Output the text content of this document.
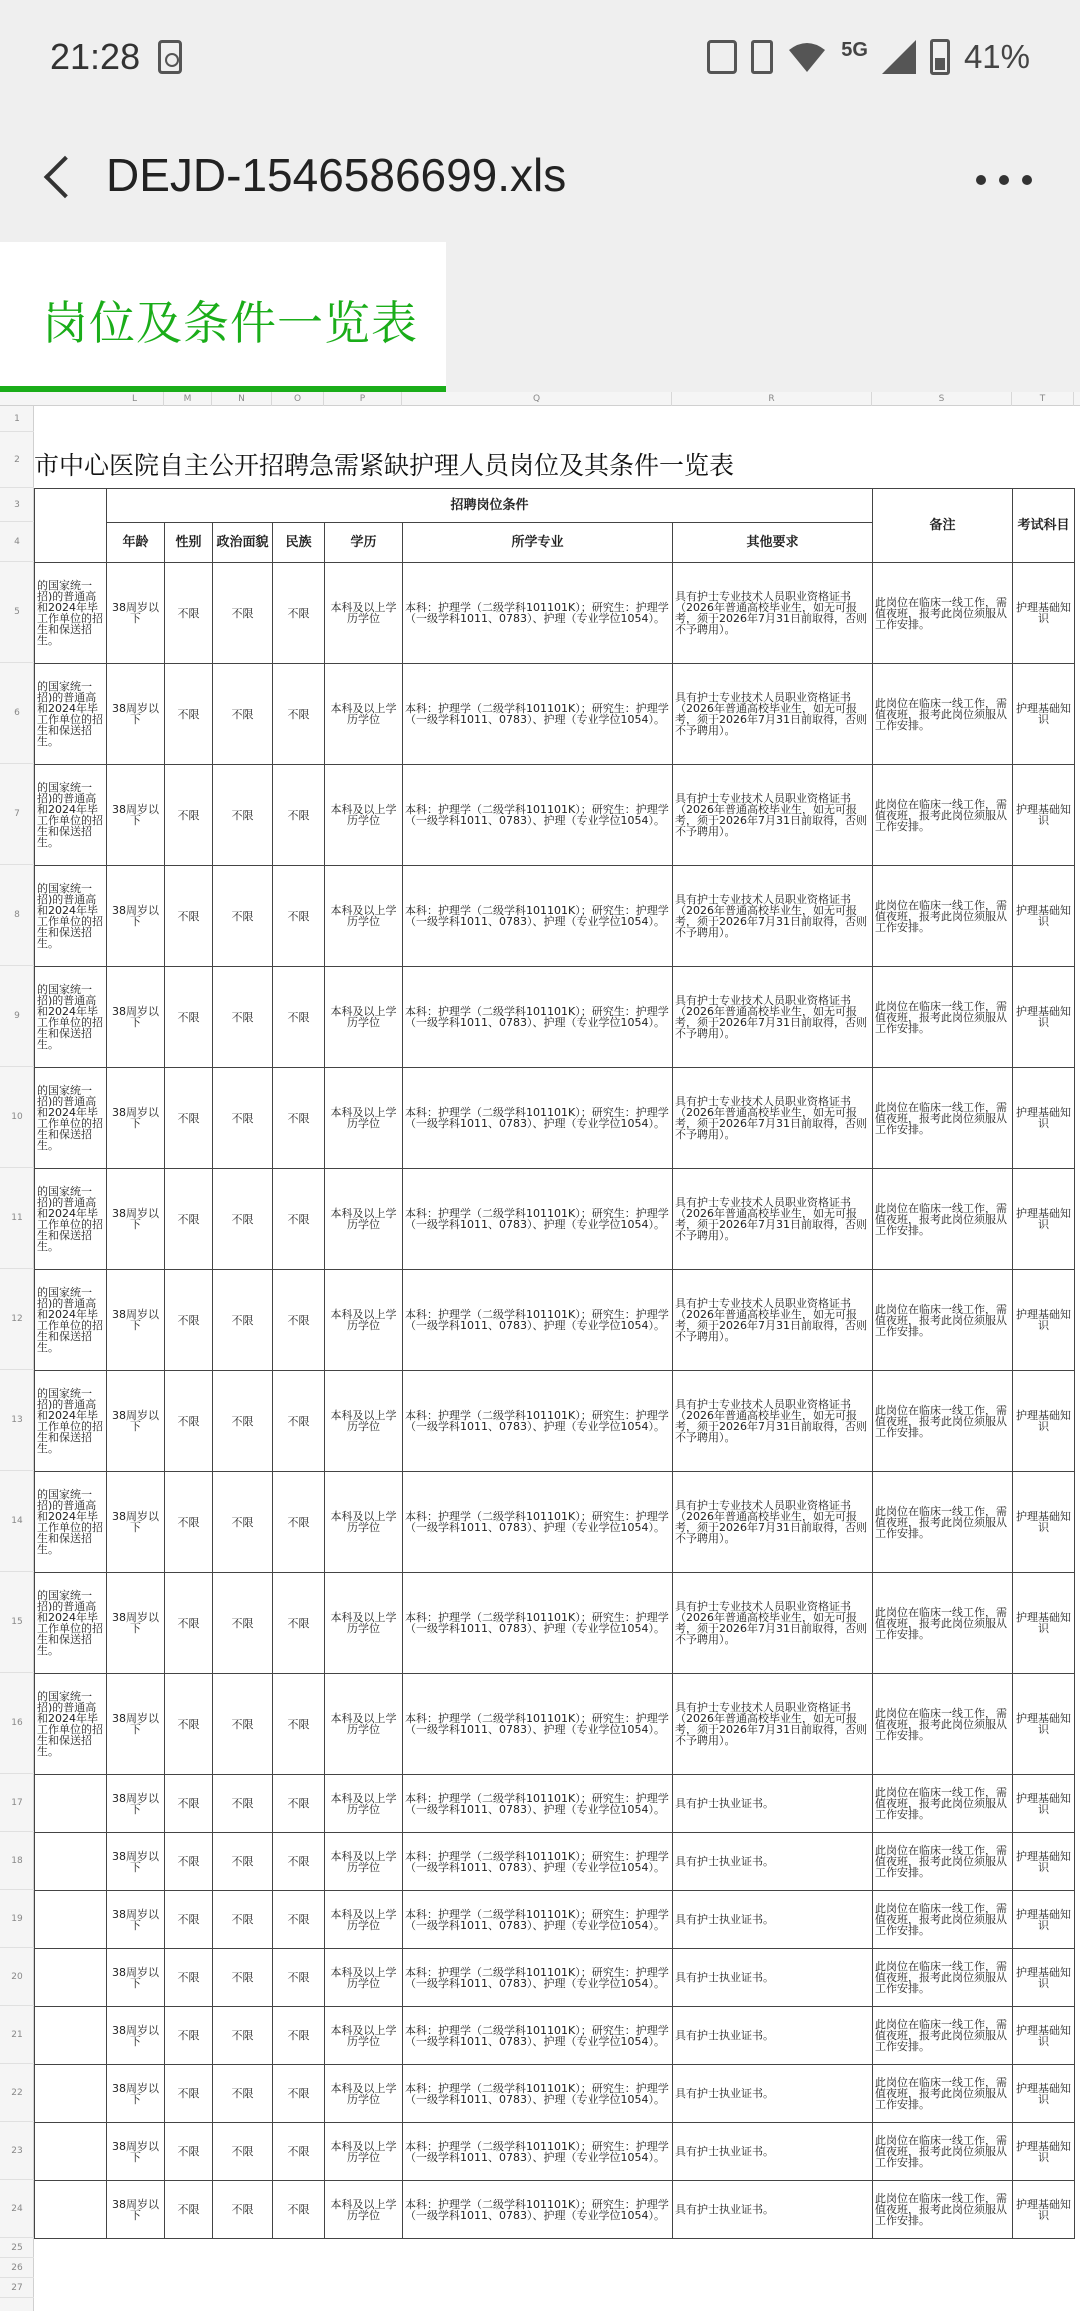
21:28	5G	41%
DEJD-1546586699.xls
岗位及条件一览表
L	M	N	O	P	Q	R	S	T
1
2
3
4
5
6
7
8
9
10
11
12
13
14
15
16
17
18
19
20
21
22
23
24
25
26
27
市中心医院自主公开招聘急需紧缺护理人员岗位及其条件一览表
	招聘岗位条件							备注	考试科目
	年龄	性别	政治面貌	民族	学历	所学专业	其他要求		
的国家统一招)的普通高和2024年毕工作单位的招生和保送招生。	38周岁以下	不限	不限	不限	本科及以上学历学位	本科：护理学（二级学科101101K）；研究生：护理学（一级学科1011、0783）、护理（专业学位1054）。	具有护士专业技术人员职业资格证书（2026年普通高校毕业生，如无可报考，须于2026年7月31日前取得，否则不予聘用）。	此岗位在临床一线工作，需值夜班，报考此岗位须服从工作安排。	护理基础知识
的国家统一招)的普通高和2024年毕工作单位的招生和保送招生。	38周岁以下	不限	不限	不限	本科及以上学历学位	本科：护理学（二级学科101101K）；研究生：护理学（一级学科1011、0783）、护理（专业学位1054）。	具有护士专业技术人员职业资格证书（2026年普通高校毕业生，如无可报考，须于2026年7月31日前取得，否则不予聘用）。	此岗位在临床一线工作，需值夜班，报考此岗位须服从工作安排。	护理基础知识
的国家统一招)的普通高和2024年毕工作单位的招生和保送招生。	38周岁以下	不限	不限	不限	本科及以上学历学位	本科：护理学（二级学科101101K）；研究生：护理学（一级学科1011、0783）、护理（专业学位1054）。	具有护士专业技术人员职业资格证书（2026年普通高校毕业生，如无可报考，须于2026年7月31日前取得，否则不予聘用）。	此岗位在临床一线工作，需值夜班，报考此岗位须服从工作安排。	护理基础知识
的国家统一招)的普通高和2024年毕工作单位的招生和保送招生。	38周岁以下	不限	不限	不限	本科及以上学历学位	本科：护理学（二级学科101101K）；研究生：护理学（一级学科1011、0783）、护理（专业学位1054）。	具有护士专业技术人员职业资格证书（2026年普通高校毕业生，如无可报考，须于2026年7月31日前取得，否则不予聘用）。	此岗位在临床一线工作，需值夜班，报考此岗位须服从工作安排。	护理基础知识
的国家统一招)的普通高和2024年毕工作单位的招生和保送招生。	38周岁以下	不限	不限	不限	本科及以上学历学位	本科：护理学（二级学科101101K）；研究生：护理学（一级学科1011、0783）、护理（专业学位1054）。	具有护士专业技术人员职业资格证书（2026年普通高校毕业生，如无可报考，须于2026年7月31日前取得，否则不予聘用）。	此岗位在临床一线工作，需值夜班，报考此岗位须服从工作安排。	护理基础知识
的国家统一招)的普通高和2024年毕工作单位的招生和保送招生。	38周岁以下	不限	不限	不限	本科及以上学历学位	本科：护理学（二级学科101101K）；研究生：护理学（一级学科1011、0783）、护理（专业学位1054）。	具有护士专业技术人员职业资格证书（2026年普通高校毕业生，如无可报考，须于2026年7月31日前取得，否则不予聘用）。	此岗位在临床一线工作，需值夜班，报考此岗位须服从工作安排。	护理基础知识
的国家统一招)的普通高和2024年毕工作单位的招生和保送招生。	38周岁以下	不限	不限	不限	本科及以上学历学位	本科：护理学（二级学科101101K）；研究生：护理学（一级学科1011、0783）、护理（专业学位1054）。	具有护士专业技术人员职业资格证书（2026年普通高校毕业生，如无可报考，须于2026年7月31日前取得，否则不予聘用）。	此岗位在临床一线工作，需值夜班，报考此岗位须服从工作安排。	护理基础知识
的国家统一招)的普通高和2024年毕工作单位的招生和保送招生。	38周岁以下	不限	不限	不限	本科及以上学历学位	本科：护理学（二级学科101101K）；研究生：护理学（一级学科1011、0783）、护理（专业学位1054）。	具有护士专业技术人员职业资格证书（2026年普通高校毕业生，如无可报考，须于2026年7月31日前取得，否则不予聘用）。	此岗位在临床一线工作，需值夜班，报考此岗位须服从工作安排。	护理基础知识
的国家统一招)的普通高和2024年毕工作单位的招生和保送招生。	38周岁以下	不限	不限	不限	本科及以上学历学位	本科：护理学（二级学科101101K）；研究生：护理学（一级学科1011、0783）、护理（专业学位1054）。	具有护士专业技术人员职业资格证书（2026年普通高校毕业生，如无可报考，须于2026年7月31日前取得，否则不予聘用）。	此岗位在临床一线工作，需值夜班，报考此岗位须服从工作安排。	护理基础知识
的国家统一招)的普通高和2024年毕工作单位的招生和保送招生。	38周岁以下	不限	不限	不限	本科及以上学历学位	本科：护理学（二级学科101101K）；研究生：护理学（一级学科1011、0783）、护理（专业学位1054）。	具有护士专业技术人员职业资格证书（2026年普通高校毕业生，如无可报考，须于2026年7月31日前取得，否则不予聘用）。	此岗位在临床一线工作，需值夜班，报考此岗位须服从工作安排。	护理基础知识
的国家统一招)的普通高和2024年毕工作单位的招生和保送招生。	38周岁以下	不限	不限	不限	本科及以上学历学位	本科：护理学（二级学科101101K）；研究生：护理学（一级学科1011、0783）、护理（专业学位1054）。	具有护士专业技术人员职业资格证书（2026年普通高校毕业生，如无可报考，须于2026年7月31日前取得，否则不予聘用）。	此岗位在临床一线工作，需值夜班，报考此岗位须服从工作安排。	护理基础知识
的国家统一招)的普通高和2024年毕工作单位的招生和保送招生。	38周岁以下	不限	不限	不限	本科及以上学历学位	本科：护理学（二级学科101101K）；研究生：护理学（一级学科1011、0783）、护理（专业学位1054）。	具有护士专业技术人员职业资格证书（2026年普通高校毕业生，如无可报考，须于2026年7月31日前取得，否则不予聘用）。	此岗位在临床一线工作，需值夜班，报考此岗位须服从工作安排。	护理基础知识
	38周岁以下	不限	不限	不限	本科及以上学历学位	本科：护理学（二级学科101101K）；研究生：护理学（一级学科1011、0783）、护理（专业学位1054）。	具有护士执业证书。	此岗位在临床一线工作，需值夜班，报考此岗位须服从工作安排。	护理基础知识
	38周岁以下	不限	不限	不限	本科及以上学历学位	本科：护理学（二级学科101101K）；研究生：护理学（一级学科1011、0783）、护理（专业学位1054）。	具有护士执业证书。	此岗位在临床一线工作，需值夜班，报考此岗位须服从工作安排。	护理基础知识
	38周岁以下	不限	不限	不限	本科及以上学历学位	本科：护理学（二级学科101101K）；研究生：护理学（一级学科1011、0783）、护理（专业学位1054）。	具有护士执业证书。	此岗位在临床一线工作，需值夜班，报考此岗位须服从工作安排。	护理基础知识
	38周岁以下	不限	不限	不限	本科及以上学历学位	本科：护理学（二级学科101101K）；研究生：护理学（一级学科1011、0783）、护理（专业学位1054）。	具有护士执业证书。	此岗位在临床一线工作，需值夜班，报考此岗位须服从工作安排。	护理基础知识
	38周岁以下	不限	不限	不限	本科及以上学历学位	本科：护理学（二级学科101101K）；研究生：护理学（一级学科1011、0783）、护理（专业学位1054）。	具有护士执业证书。	此岗位在临床一线工作，需值夜班，报考此岗位须服从工作安排。	护理基础知识
	38周岁以下	不限	不限	不限	本科及以上学历学位	本科：护理学（二级学科101101K）；研究生：护理学（一级学科1011、0783）、护理（专业学位1054）。	具有护士执业证书。	此岗位在临床一线工作，需值夜班，报考此岗位须服从工作安排。	护理基础知识
	38周岁以下	不限	不限	不限	本科及以上学历学位	本科：护理学（二级学科101101K）；研究生：护理学（一级学科1011、0783）、护理（专业学位1054）。	具有护士执业证书。	此岗位在临床一线工作，需值夜班，报考此岗位须服从工作安排。	护理基础知识
	38周岁以下	不限	不限	不限	本科及以上学历学位	本科：护理学（二级学科101101K）；研究生：护理学（一级学科1011、0783）、护理（专业学位1054）。	具有护士执业证书。	此岗位在临床一线工作，需值夜班，报考此岗位须服从工作安排。	护理基础知识
